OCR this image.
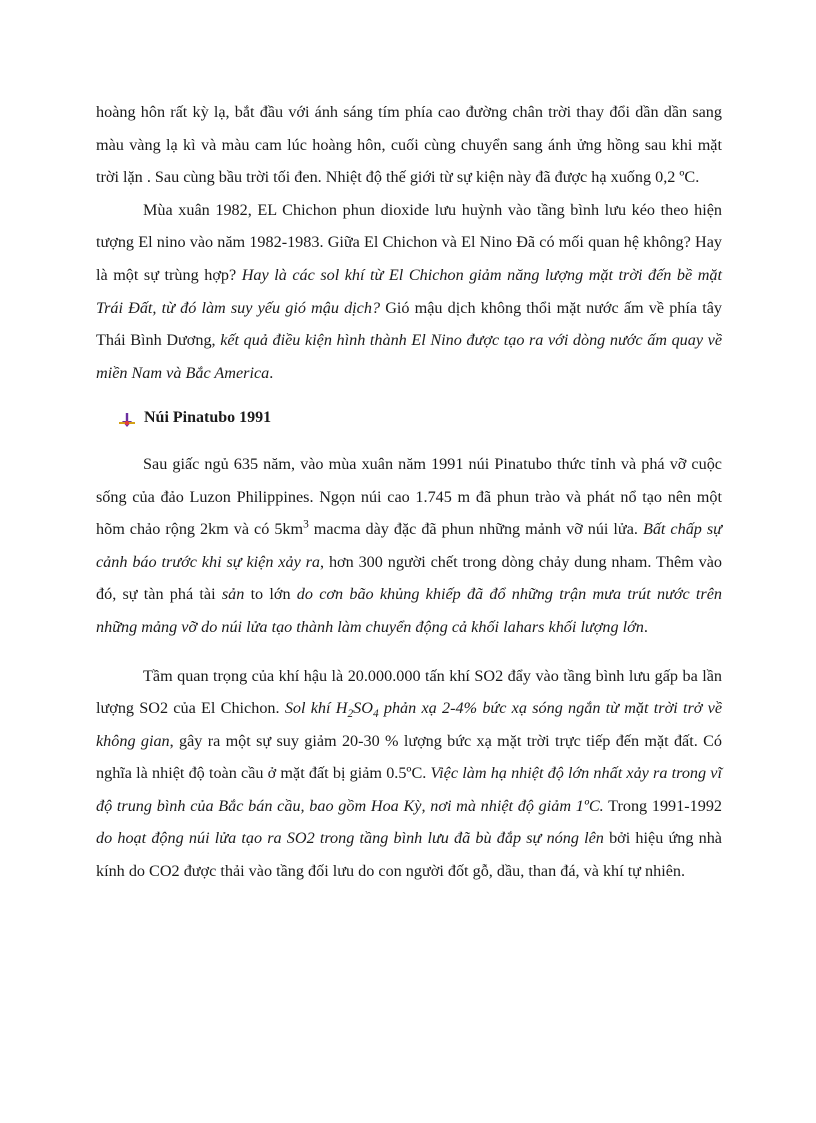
hoàng hôn rất kỳ lạ, bắt đầu với ánh sáng tím phía cao đường chân trời thay đổi dần dần sang màu vàng lạ kì và màu cam lúc hoàng hôn, cuối cùng chuyển sang ánh ửng hồng sau khi mặt trời lặn . Sau cùng bầu trời tối đen. Nhiệt độ thế giới từ sự kiện này đã được hạ xuống 0,2 ºC.

Mùa xuân 1982, EL Chichon phun dioxide lưu huỳnh vào tầng bình lưu kéo theo hiện tượng El nino vào năm 1982-1983. Giữa El Chichon và El Nino Đã có mối quan hệ không? Hay là một sự trùng hợp? Hay là các sol khí từ El Chichon giảm năng lượng mặt trời đến bề mặt Trái Đất, từ đó làm suy yếu gió mậu dịch? Gió mậu dịch không thổi mặt nước ấm về phía tây Thái Bình Dương, kết quả điều kiện hình thành El Nino được tạo ra với dòng nước ấm quay về miền Nam và Bắc America.

Núi Pinatubo 1991

Sau giấc ngủ 635 năm, vào mùa xuân năm 1991 núi Pinatubo thức tỉnh và phá vỡ cuộc sống của đảo Luzon Philippines. Ngọn núi cao 1.745 m đã phun trào và phát nổ tạo nên một hõm chảo rộng 2km và có $5km^3$ macma dày đặc đã phun những mảnh vỡ núi lửa. Bất chấp sự cảnh báo trước khi sự kiện xảy ra, hơn 300 người chết trong dòng chảy dung nham. Thêm vào đó, sự tàn phá tài sản to lớn do cơn bão khủng khiếp đã đổ những trận mưa trút nước trên những mảng vỡ do núi lửa tạo thành làm chuyển động cả khối lahars khối lượng lớn.

Tầm quan trọng của khí hậu là 20.000.000 tấn khí SO2 đẩy vào tầng bình lưu gấp ba lần lượng SO2 của El Chichon. Sol khí $H_2SO_4$ phản xạ 2-4% bức xạ sóng ngắn từ mặt trời trở về không gian, gây ra một sự suy giảm 20-30 % lượng bức xạ mặt trời trực tiếp đến mặt đất. Có nghĩa là nhiệt độ toàn cầu ở mặt đất bị giảm 0.5ºC. Việc làm hạ nhiệt độ lớn nhất xảy ra trong vĩ độ trung bình của Bắc bán cầu, bao gồm Hoa Kỳ, nơi mà nhiệt độ giảm 1ºC. Trong 1991-1992 do hoạt động núi lửa tạo ra SO2 trong tầng bình lưu đã bù đắp sự nóng lên bởi hiệu ứng nhà kính do CO2 được thải vào tầng đối lưu do con người đốt gỗ, dầu, than đá, và khí tự nhiên.
